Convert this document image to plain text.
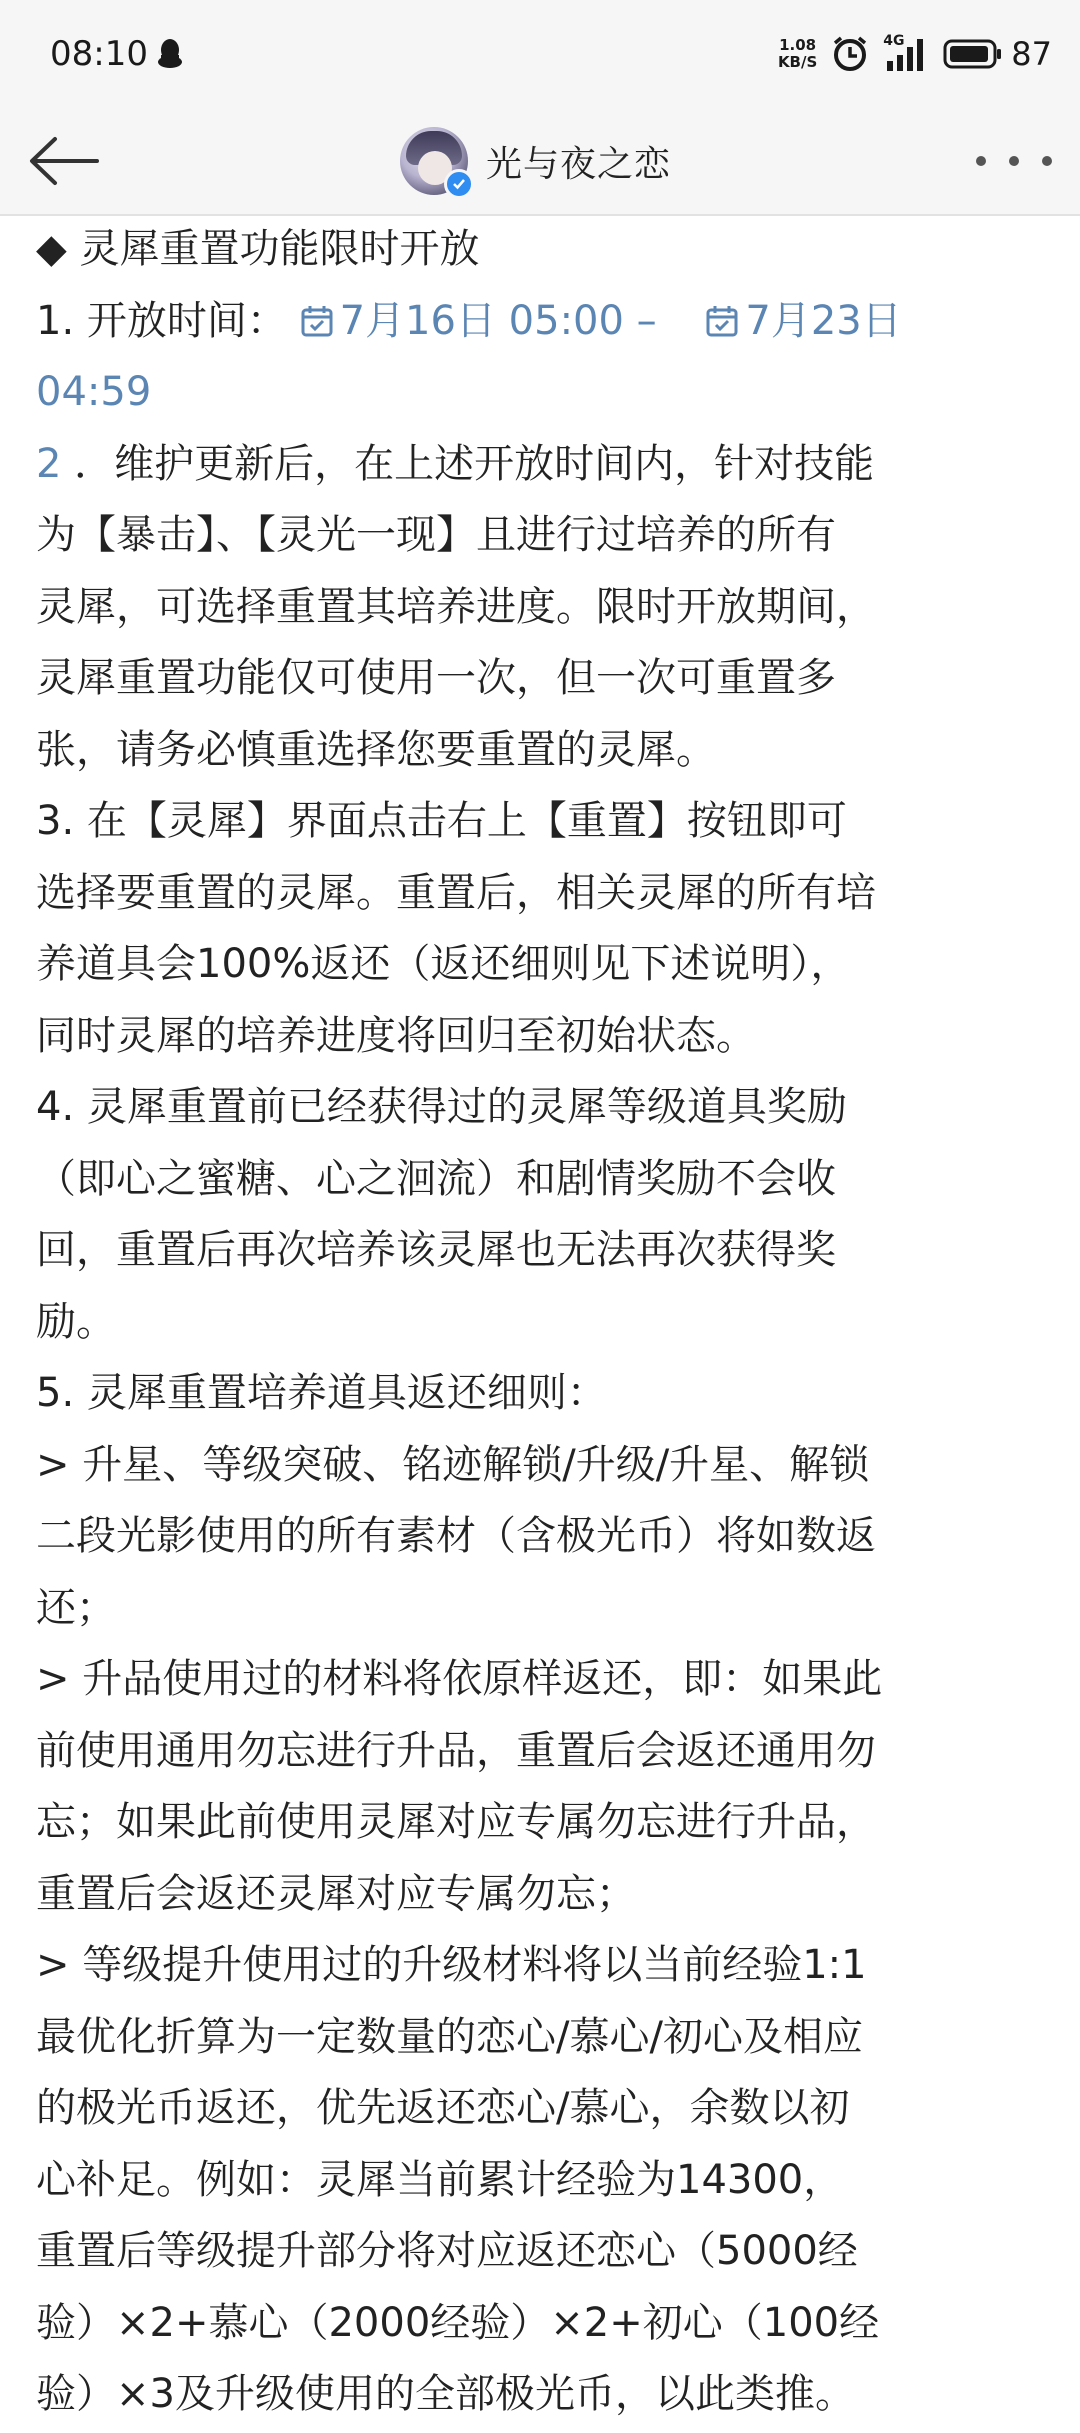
08:10	1.08
KB/S
4G	87
光与夜之恋
◆ 灵犀重置功能限时开放
1. 开放时间： 7月16日 05:00 – 7月23日
04:59
2 ．维护更新后，在上述开放时间内，针对技能
为【暴击】、【灵光一现】且进行过培养的所有
灵犀，可选择重置其培养进度。限时开放期间，
灵犀重置功能仅可使用一次，但一次可重置多
张，请务必慎重选择您要重置的灵犀。
3. 在【灵犀】界面点击右上【重置】按钮即可
选择要重置的灵犀。重置后，相关灵犀的所有培
养道具会100%返还（返还细则见下述说明），
同时灵犀的培养进度将回归至初始状态。
4. 灵犀重置前已经获得过的灵犀等级道具奖励
（即心之蜜糖、心之洄流）和剧情奖励不会收
回，重置后再次培养该灵犀也无法再次获得奖
励。
5. 灵犀重置培养道具返还细则：
> 升星、等级突破、铭迹解锁/升级/升星、解锁
二段光影使用的所有素材（含极光币）将如数返
还；
> 升品使用过的材料将依原样返还，即：如果此
前使用通用勿忘进行升品，重置后会返还通用勿
忘；如果此前使用灵犀对应专属勿忘进行升品，
重置后会返还灵犀对应专属勿忘；
> 等级提升使用过的升级材料将以当前经验1:1
最优化折算为一定数量的恋心/慕心/初心及相应
的极光币返还，优先返还恋心/慕心，余数以初
心补足。例如：灵犀当前累计经验为14300，
重置后等级提升部分将对应返还恋心（5000经
验）×2+慕心（2000经验）×2+初心（100经
验）×3及升级使用的全部极光币，以此类推。
